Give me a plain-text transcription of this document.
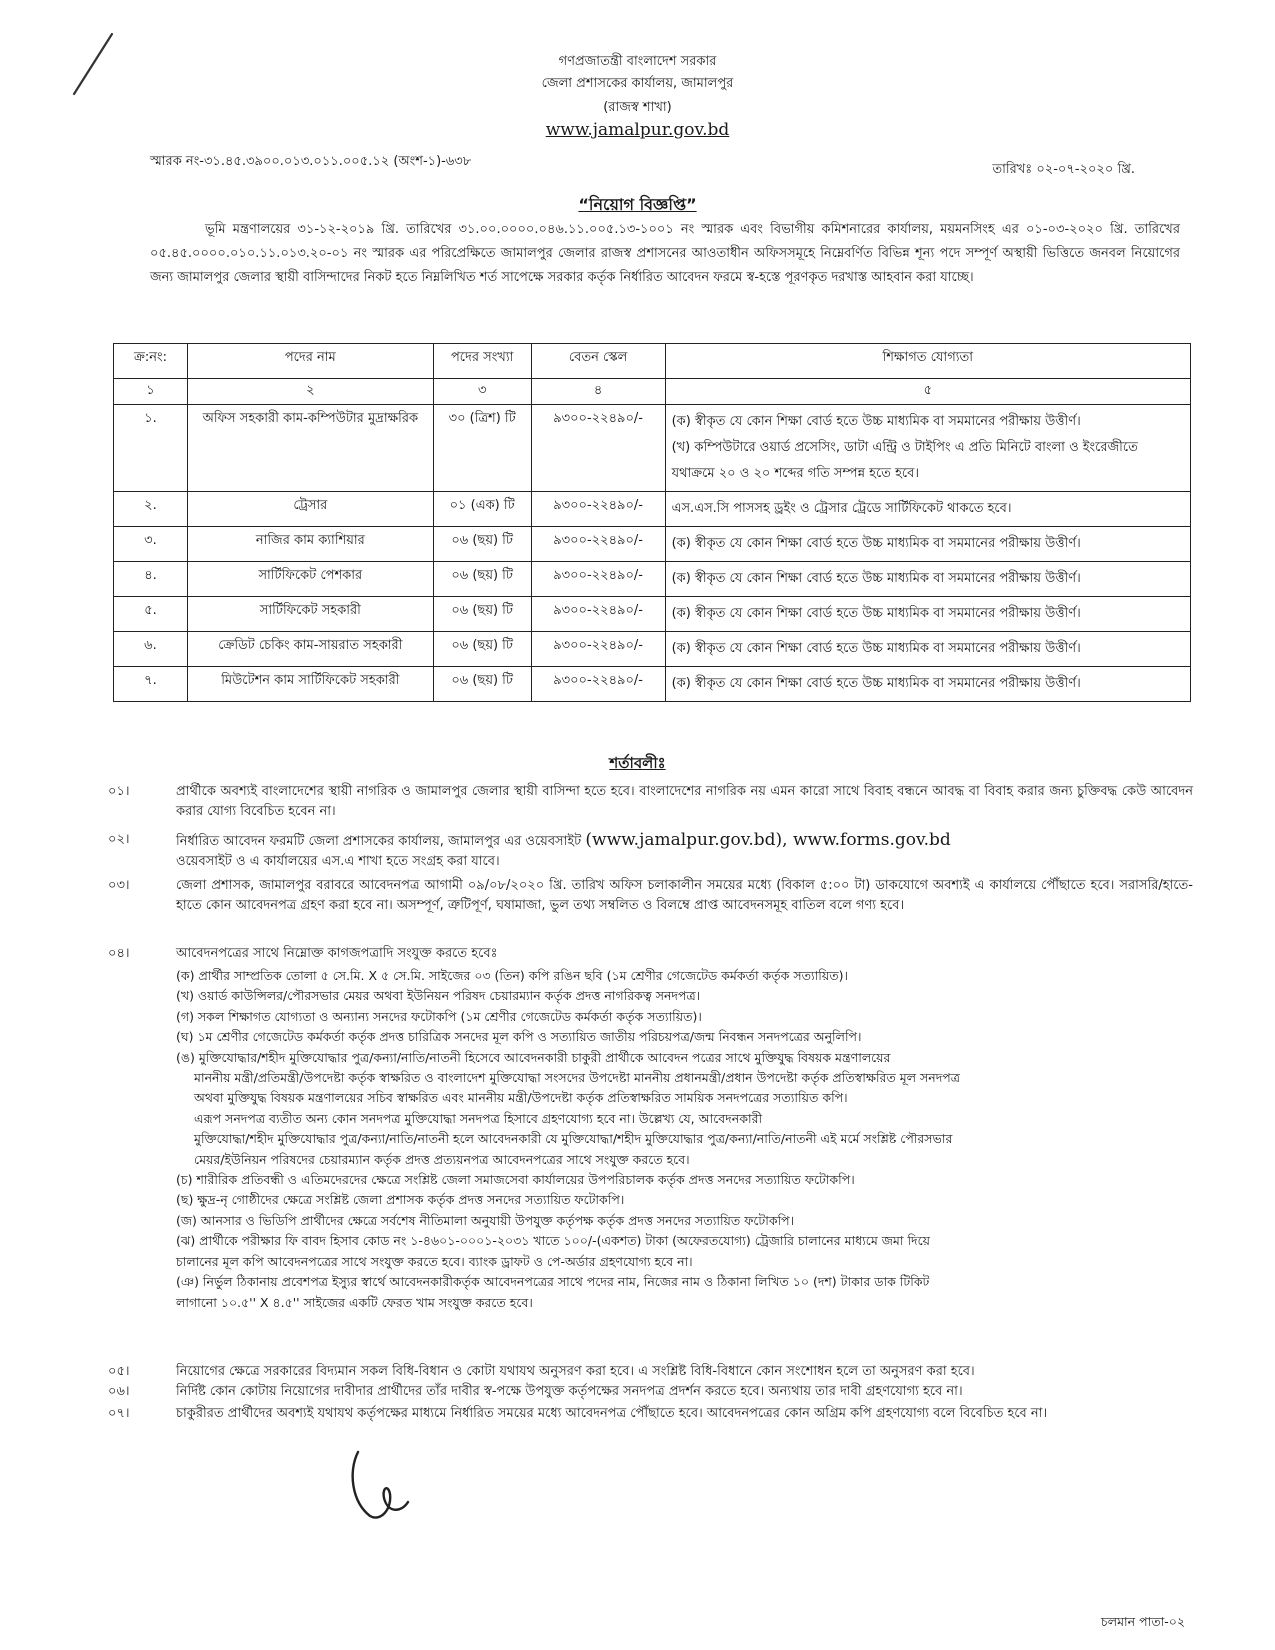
গণপ্রজাতন্ত্রী বাংলাদেশ সরকার
জেলা প্রশাসকের কার্যালয়, জামালপুর
(রাজস্ব শাখা)
www.jamalpur.gov.bd
স্মারক নং-৩১.৪৫.৩৯০০.০১৩.০১১.০০৫.১২ (অংশ-১)-৬৩৮
তারিখঃ ০২-০৭-২০২০ খ্রি.
“নিয়োগ বিজ্ঞপ্তি”
ভূমি মন্ত্রণালয়ের ৩১-১২-২০১৯ খ্রি. তারিখের ৩১.০০.০০০০.০৪৬.১১.০০৫.১৩-১০০১ নং স্মারক এবং বিভাগীয় কমিশনারের কার্যালয়, ময়মনসিংহ এর ০১-০৩-২০২০ খ্রি. তারিখের ০৫.৪৫.০০০০.০১০.১১.০১৩.২০-০১ নং স্মারক এর পরিপ্রেক্ষিতে জামালপুর জেলার রাজস্ব প্রশাসনের আওতাধীন অফিসসমূহে নিম্নেবর্ণিত বিভিন্ন শূন্য পদে সম্পূর্ণ অস্থায়ী ভিত্তিতে জনবল নিয়োগের জন্য জামালপুর জেলার স্থায়ী বাসিন্দাদের নিকট হতে নিম্নলিখিত শর্ত সাপেক্ষে সরকার কর্তৃক নির্ধারিত আবেদন ফরমে স্ব-হস্তে পূরণকৃত দরখাস্ত আহবান করা যাচ্ছে।
ক্র:নং:	পদের নাম	পদের সংখ্যা	বেতন স্কেল	শিক্ষাগত যোগ্যতা
১	২	৩	৪	৫
১.	অফিস সহকারী কাম-কম্পিউটার মুদ্রাক্ষরিক	৩০ (ত্রিশ) টি	৯৩০০-২২৪৯০/-	(ক) স্বীকৃত যে কোন শিক্ষা বোর্ড হতে উচ্চ মাধ্যমিক বা সমমানের পরীক্ষায় উত্তীর্ণ।
(খ) কম্পিউটারে ওয়ার্ড প্রসেসিং, ডাটা এন্ট্রি ও টাইপিং এ প্রতি মিনিটে বাংলা ও ইংরেজীতে যথাক্রমে ২০ ও ২০ শব্দের গতি সম্পন্ন হতে হবে।

২.	ট্রেসার	০১ (এক) টি	৯৩০০-২২৪৯০/-	এস.এস.সি পাসসহ ড্রইং ও ট্রেসার ট্রেডে সার্টিফিকেট থাকতে হবে।

৩.	নাজির কাম ক্যাশিয়ার	০৬ (ছয়) টি	৯৩০০-২২৪৯০/-	(ক) স্বীকৃত যে কোন শিক্ষা বোর্ড হতে উচ্চ মাধ্যমিক বা সমমানের পরীক্ষায় উত্তীর্ণ।

৪.	সার্টিফিকেট পেশকার	০৬ (ছয়) টি	৯৩০০-২২৪৯০/-	(ক) স্বীকৃত যে কোন শিক্ষা বোর্ড হতে উচ্চ মাধ্যমিক বা সমমানের পরীক্ষায় উত্তীর্ণ।

৫.	সার্টিফিকেট সহকারী	০৬ (ছয়) টি	৯৩০০-২২৪৯০/-	(ক) স্বীকৃত যে কোন শিক্ষা বোর্ড হতে উচ্চ মাধ্যমিক বা সমমানের পরীক্ষায় উত্তীর্ণ।

৬.	ক্রেডিট চেকিং কাম-সায়রাত সহকারী	০৬ (ছয়) টি	৯৩০০-২২৪৯০/-	(ক) স্বীকৃত যে কোন শিক্ষা বোর্ড হতে উচ্চ মাধ্যমিক বা সমমানের পরীক্ষায় উত্তীর্ণ।

৭.	মিউটেশন কাম সার্টিফিকেট সহকারী	০৬ (ছয়) টি	৯৩০০-২২৪৯০/-	(ক) স্বীকৃত যে কোন শিক্ষা বোর্ড হতে উচ্চ মাধ্যমিক বা সমমানের পরীক্ষায় উত্তীর্ণ।
শর্তাবলীঃ
০১।	প্রার্থীকে অবশ্যই বাংলাদেশের স্থায়ী নাগরিক ও জামালপুর জেলার স্থায়ী বাসিন্দা হতে হবে। বাংলাদেশের নাগরিক নয় এমন কারো সাথে বিবাহ বন্ধনে আবদ্ধ বা বিবাহ করার জন্য চুক্তিবদ্ধ কেউ আবেদন করার যোগ্য বিবেচিত হবেন না।
০২।	নির্ধারিত আবেদন ফরমটি জেলা প্রশাসকের কার্যালয়, জামালপুর এর ওয়েবসাইট (www.jamalpur.gov.bd), www.forms.gov.bd
ওয়েবসাইট ও এ কার্যালয়ের এস.এ শাখা হতে সংগ্রহ করা যাবে।
০৩।	জেলা প্রশাসক, জামালপুর বরাবরে আবেদনপত্র আগামী ০৯/০৮/২০২০ খ্রি. তারিখ অফিস চলাকালীন সময়ের মধ্যে (বিকাল ৫:০০ টা) ডাকযোগে অবশ্যই এ কার্যালয়ে পৌঁছাতে হবে। সরাসরি/হাতে-হাতে কোন আবেদনপত্র গ্রহণ করা হবে না। অসম্পূর্ণ, ত্রুটিপূর্ণ, ঘষামাজা, ভুল তথ্য সম্বলিত ও বিলম্বে প্রাপ্ত আবেদনসমূহ বাতিল বলে গণ্য হবে।
০৪।	আবেদনপত্রের সাথে নিম্নোক্ত কাগজপত্রাদি সংযুক্ত করতে হবেঃ
(ক) প্রার্থীর সাম্প্রতিক তোলা ৫ সে.মি. X ৫ সে.মি. সাইজের ০৩ (তিন) কপি রঙিন ছবি (১ম শ্রেণীর গেজেটেড কর্মকর্তা কর্তৃক সত্যায়িত)।
(খ) ওয়ার্ড কাউন্সিলর/পৌরসভার মেয়র অথবা ইউনিয়ন পরিষদ চেয়ারম্যান কর্তৃক প্রদত্ত নাগরিকত্ব সনদপত্র।
(গ) সকল শিক্ষাগত যোগ্যতা ও অন্যান্য সনদের ফটোকপি (১ম শ্রেণীর গেজেটেড কর্মকর্তা কর্তৃক সত্যায়িত)।
(ঘ) ১ম শ্রেণীর গেজেটেড কর্মকর্তা কর্তৃক প্রদত্ত চারিত্রিক সনদের মূল কপি ও সত্যায়িত জাতীয় পরিচয়পত্র/জন্ম নিবন্ধন সনদপত্রের অনুলিপি।
(ঙ) মুক্তিযোদ্ধার/শহীদ মুক্তিযোদ্ধার পুত্র/কন্যা/নাতি/নাতনী হিসেবে আবেদনকারী চাকুরী প্রার্থীকে আবেদন পত্রের সাথে মুক্তিযুদ্ধ বিষয়ক মন্ত্রণালয়ের
মাননীয় মন্ত্রী/প্রতিমন্ত্রী/উপদেষ্টা কর্তৃক স্বাক্ষরিত ও বাংলাদেশ মুক্তিযোদ্ধা সংসদের উপদেষ্টা মাননীয় প্রধানমন্ত্রী/প্রধান উপদেষ্টা কর্তৃক প্রতিস্বাক্ষরিত মূল সনদপত্র
অথবা মুক্তিযুদ্ধ বিষয়ক মন্ত্রণালয়ের সচিব স্বাক্ষরিত এবং মাননীয় মন্ত্রী/উপদেষ্টা কর্তৃক প্রতিস্বাক্ষরিত সাময়িক সনদপত্রের সত্যায়িত কপি।
এরূপ সনদপত্র ব্যতীত অন্য কোন সনদপত্র মুক্তিযোদ্ধা সনদপত্র হিসাবে গ্রহণযোগ্য হবে না। উল্লেখ্য যে, আবেদনকারী
মুক্তিযোদ্ধা/শহীদ মুক্তিযোদ্ধার পুত্র/কন্যা/নাতি/নাতনী হলে আবেদনকারী যে মুক্তিযোদ্ধা/শহীদ মুক্তিযোদ্ধার পুত্র/কন্যা/নাতি/নাতনী এই মর্মে সংশ্লিষ্ট পৌরসভার
মেয়র/ইউনিয়ন পরিষদের চেয়ারম্যান কর্তৃক প্রদত্ত প্রত্যয়নপত্র আবেদনপত্রের সাথে সংযুক্ত করতে হবে।
(চ) শারীরিক প্রতিবন্ধী ও এতিমদেরদের ক্ষেত্রে সংশ্লিষ্ট জেলা সমাজসেবা কার্যালয়ের উপপরিচালক কর্তৃক প্রদত্ত সনদের সত্যায়িত ফটোকপি।
(ছ) ক্ষুদ্র-নৃ গোষ্ঠীদের ক্ষেত্রে সংশ্লিষ্ট জেলা প্রশাসক কর্তৃক প্রদত্ত সনদের সত্যায়িত ফটোকপি।
(জ) আনসার ও ভিডিপি প্রার্থীদের ক্ষেত্রে সর্বশেষ নীতিমালা অনুযায়ী উপযুক্ত কর্তৃপক্ষ কর্তৃক প্রদত্ত সনদের সত্যায়িত ফটোকপি।
(ঝ) প্রার্থীকে পরীক্ষার ফি বাবদ হিসাব কোড নং ১-৪৬০১-০০০১-২০৩১ খাতে ১০০/-(একশত) টাকা (অফেরতযোগ্য) ট্রেজারি চালানের মাধ্যমে জমা দিয়ে
চালানের মূল কপি আবেদনপত্রের সাথে সংযুক্ত করতে হবে। ব্যাংক ড্রাফট ও পে-অর্ডার গ্রহণযোগ্য হবে না।
(ঞ) নির্ভুল ঠিকানায় প্রবেশপত্র ইস্যুর স্বার্থে আবেদনকারীকর্তৃক আবেদনপত্রের সাথে পদের নাম, নিজের নাম ও ঠিকানা লিখিত ১০ (দশ) টাকার ডাক টিকিট
লাগানো ১০.৫'' X ৪.৫'' সাইজের একটি ফেরত খাম সংযুক্ত করতে হবে।
০৫।	নিয়োগের ক্ষেত্রে সরকারের বিদ্যমান সকল বিধি-বিধান ও কোটা যথাযথ অনুসরণ করা হবে। এ সংশ্লিষ্ট বিধি-বিধানে কোন সংশোধন হলে তা অনুসরণ করা হবে।
০৬।	নির্দিষ্ট কোন কোটায় নিয়োগের দাবীদার প্রার্থীদের তাঁর দাবীর স্ব-পক্ষে উপযুক্ত কর্তৃপক্ষের সনদপত্র প্রদর্শন করতে হবে। অন্যথায় তার দাবী গ্রহণযোগ্য হবে না।
০৭।	চাকুরীরত প্রার্থীদের অবশ্যই যথাযথ কর্তৃপক্ষের মাধ্যমে নির্ধারিত সময়ের মধ্যে আবেদনপত্র পৌঁছাতে হবে। আবেদনপত্রের কোন অগ্রিম কপি গ্রহণযোগ্য বলে বিবেচিত হবে না।
চলমান পাতা-০২
